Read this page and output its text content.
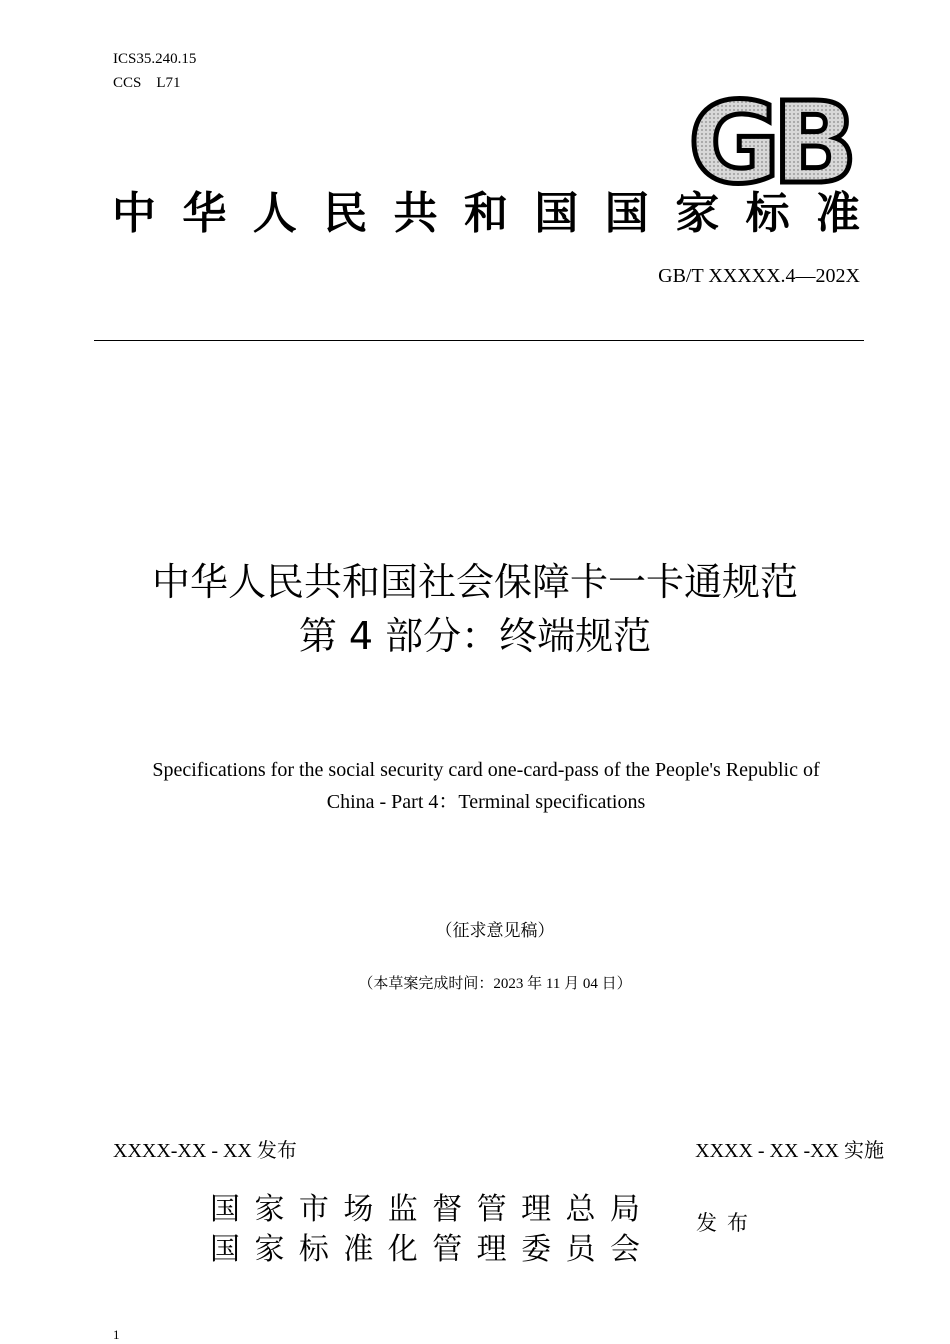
ICS35.240.15
CCS　L71	GB
中华人民共和国国家标准
GB/T XXXXX.4—202X
中华人民共和国社会保障卡一卡通规范
第 4 部分：终端规范
Specifications for the social security card one-card-pass of the People's Republic of
China - Part 4：Terminal specifications
（征求意见稿）
（本草案完成时间：2023 年 11 月 04 日）
XXXX-XX - XX 发布	XXXX - XX -XX 实施
国家市场监督管理总局
国家标准化管理委员会
发布
1
